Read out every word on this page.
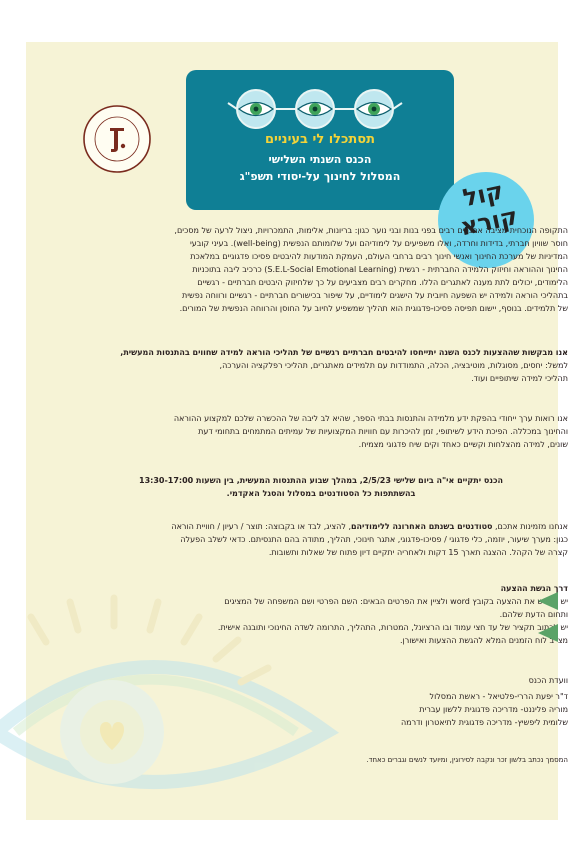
תסתכלו לי בעיניים
הכנס השנתי השלישי
המסלול לחינוך על-יסודי תשפ"ג	קול
קורא

התקופה הנוכחית מציבה אתגרים רבים בפני בנות ובני נוער כגון: בריונות, אלימות, התמכרויות, ניצול לרעה של מסכים,

חוסר שוויון חברתי, בדידות וחרדה, ואלו משפיעים על לימודיהם ועל שלומותם הנפשית (well-being). בעיני קובעי

המדיניות של מערכת החינוך ואנשי חינוך רבים ברחבי העולם, העמקת המודעות להיבטים פסיכו פדגוגיים במלאכת

החינוך וההוראה וחיזוק הלמידה החברתית - רגשית (S.E.L-Social Emotional Learning) כרכיב ליבה בתוכניות

הלימודים, יכולים לתת מענה לאתגרים הללו. מחקרים רבים מצביעים על כך שלחיזוק היבטים חברתיים - רגשיים

בתהליכי הוראה ולמידה יש השפעה חיובית על הישגים לימודיים, על שיפור בכישורים חברתיים - רגשיים ורווחה נפשית

של תלמידים. בנוסף, יישום תפיסה פסיכו-פדגוגית הוא תהליך שמשפיע לחיוב על החוסן והרווחה הנפשית של המורים.

אנו מבקשות שההצעות לכנס השנה יתייחסו להיבטים חברתיים רגשיים של תהליכי הוראה למידה שחווים בהתנסות המעשית,

למשל: יחסים, מסוגלות, מוטיבציה, הכלה, התמודדות עם תלמידים מאתגרים, תהליכי רפלקציה והערכה,

תהליכי למידה שיתופיים ועוד.

אנו רואות ערך ייחודי בהפקת ידע מלמידה והתנסות בבתי הספר, שהיא לב ליבה של ההכשרה שלכם למקצוע ההוראה

והחינוך במכללה. הפיכת הידע לשיתופי, זמן להיכרות עם חוויות המקצועיות של עמיתים המתמחים בתחומי דעת

שונים, למידה מהצלחות וקשיים כאחד וקים שיח פדגוגי מצמיח.

הכנס יתקיים אי"ה ביום שלישי 2/5/23, במהלך שבוע ההתנסות המעשית, בין השעות 13:30-17:00

בהשתתפות כל הסטודנטים במסלול והסגל האקדמי.

אנחנו מזמינות אתכם, סטודנטים בשנתם האחרונה ללימודיהם, להציג, לבד או בקבוצה: תוצר / רעיון / חוויית הוראה

כגון: מערך שיעור, יוזמה, כלי פדגוגי / פסיכו-פדגוגי, אתגר חינוכי, תהליך, מתודה בהם התנסיתם. כדאי לשלב הפעלה

קצרה של הקהל. ההצגה תארך 15 דקות ולאחריה יתקיים דיון פתוח של שאלות ותשובות.

דרך הגשת ההצעה

יש להגיש את ההצעה בקובץ word ולציין את הפרטים הבאים: השם הפרטי ושם המשפחה של המציגים

ותחום הדעת שלהם.

יש לכתוב תקציר של עד חצי עמוד ובו הרציונל, המטרות, התהליך, התרומה לשדה החינוכי ותובנה אישית.

מצ"ב לוח הזמנים המלא להגשת ההצעות ואישורן.

וועדת הכנס

ד"ר יפעת הררי-פלטיאל - ראשת המסלול

מוריה פליננט- מדריכה פדגוגית ללשון עברית

שלומית ליפשיץ- מדריכה פדגוגית לתיאטרון ודרמה

המסמך נכתב בלשון זכר ונקבה לסירוגין, ומיועד לנשים וגברים כאחד.
